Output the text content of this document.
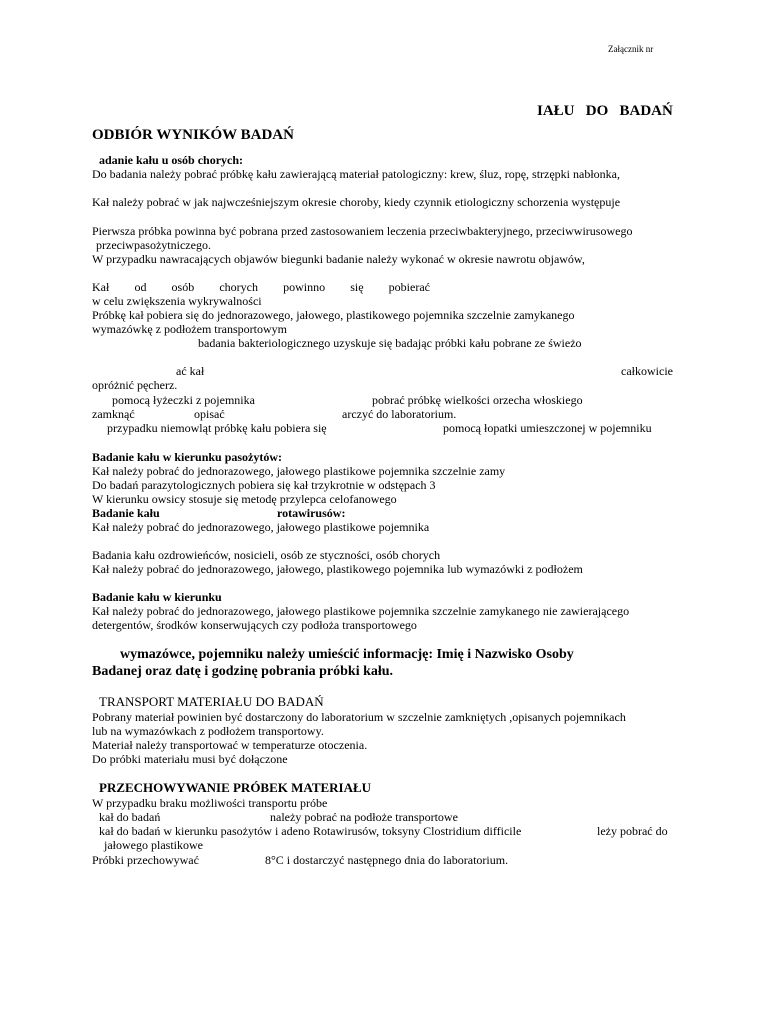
Załącznik nr
IAŁU DO BADAŃ
ODBIÓR WYNIKÓW BADAŃ
adanie kału u osób chorych:
Do badania należy pobrać próbkę kału zawierającą materiał patologiczny: krew, śluz, ropę, strzępki nabłonka,
Kał należy pobrać w jak najwcześniejszym okresie choroby, kiedy czynnik etiologiczny schorzenia występuje
Pierwsza próbka powinna być pobrana przed zastosowaniem leczenia przeciwbakteryjnego, przeciwwirusowego
przeciwpasożytniczego.
W przypadku nawracających objawów biegunki badanie należy wykonać w okresie nawrotu objawów,
Kał od osób chorych powinno się pobierać
w celu zwiększenia wykrywalności
Próbkę kał pobiera się do jednorazowego, jałowego, plastikowego pojemnika szczelnie zamykanego
wymazówkę z podłożem transportowym
badania bakteriologicznego uzyskuje się badając próbki kału pobrane ze świeżo
ać kał	całkowicie
opróżnić pęcherz.
pomocą łyżeczki z pojemnika	pobrać próbkę wielkości orzecha włoskiego
zamknąć	opisać	arczyć do laboratorium.
przypadku niemowląt próbkę kału pobiera się	pomocą łopatki umieszczonej w pojemniku
Badanie kału w kierunku pasożytów:
Kał należy pobrać do jednorazowego, jałowego plastikowe pojemnika szczelnie zamy
Do badań parazytologicznych pobiera się kał trzykrotnie w odstępach 3
W kierunku owsicy stosuje się metodę przylepca celofanowego
Badanie kału	rotawirusów:
Kał należy pobrać do jednorazowego, jałowego plastikowe pojemnika
Badania kału ozdrowieńców, nosicieli, osób ze styczności, osób chorych
Kał należy pobrać do jednorazowego, jałowego, plastikowego pojemnika lub wymazówki z podłożem
Badanie kału w kierunku
Kał należy pobrać do jednorazowego, jałowego plastikowe pojemnika szczelnie zamykanego nie zawierającego
detergentów, środków konserwujących czy podłoża transportowego
wymazówce, pojemniku należy umieścić informację: Imię i Nazwisko Osoby
Badanej oraz datę i godzinę pobrania próbki kału.
TRANSPORT MATERIAŁU DO BADAŃ
Pobrany materiał powinien być dostarczony do laboratorium w szczelnie zamkniętych ,opisanych pojemnikach
lub na wymazówkach z podłożem transportowy.
Materiał należy transportować w temperaturze otoczenia.
Do próbki materiału musi być dołączone
PRZECHOWYWANIE PRÓBEK MATERIAŁU
W przypadku braku możliwości transportu próbe
kał do badań	należy pobrać na podłoże transportowe
kał do badań w kierunku pasożytów i adeno Rotawirusów, toksyny Clostridium difficile	leży pobrać do
jałowego plastikowe
Próbki przechowywać	8°C i dostarczyć następnego dnia do laboratorium.
